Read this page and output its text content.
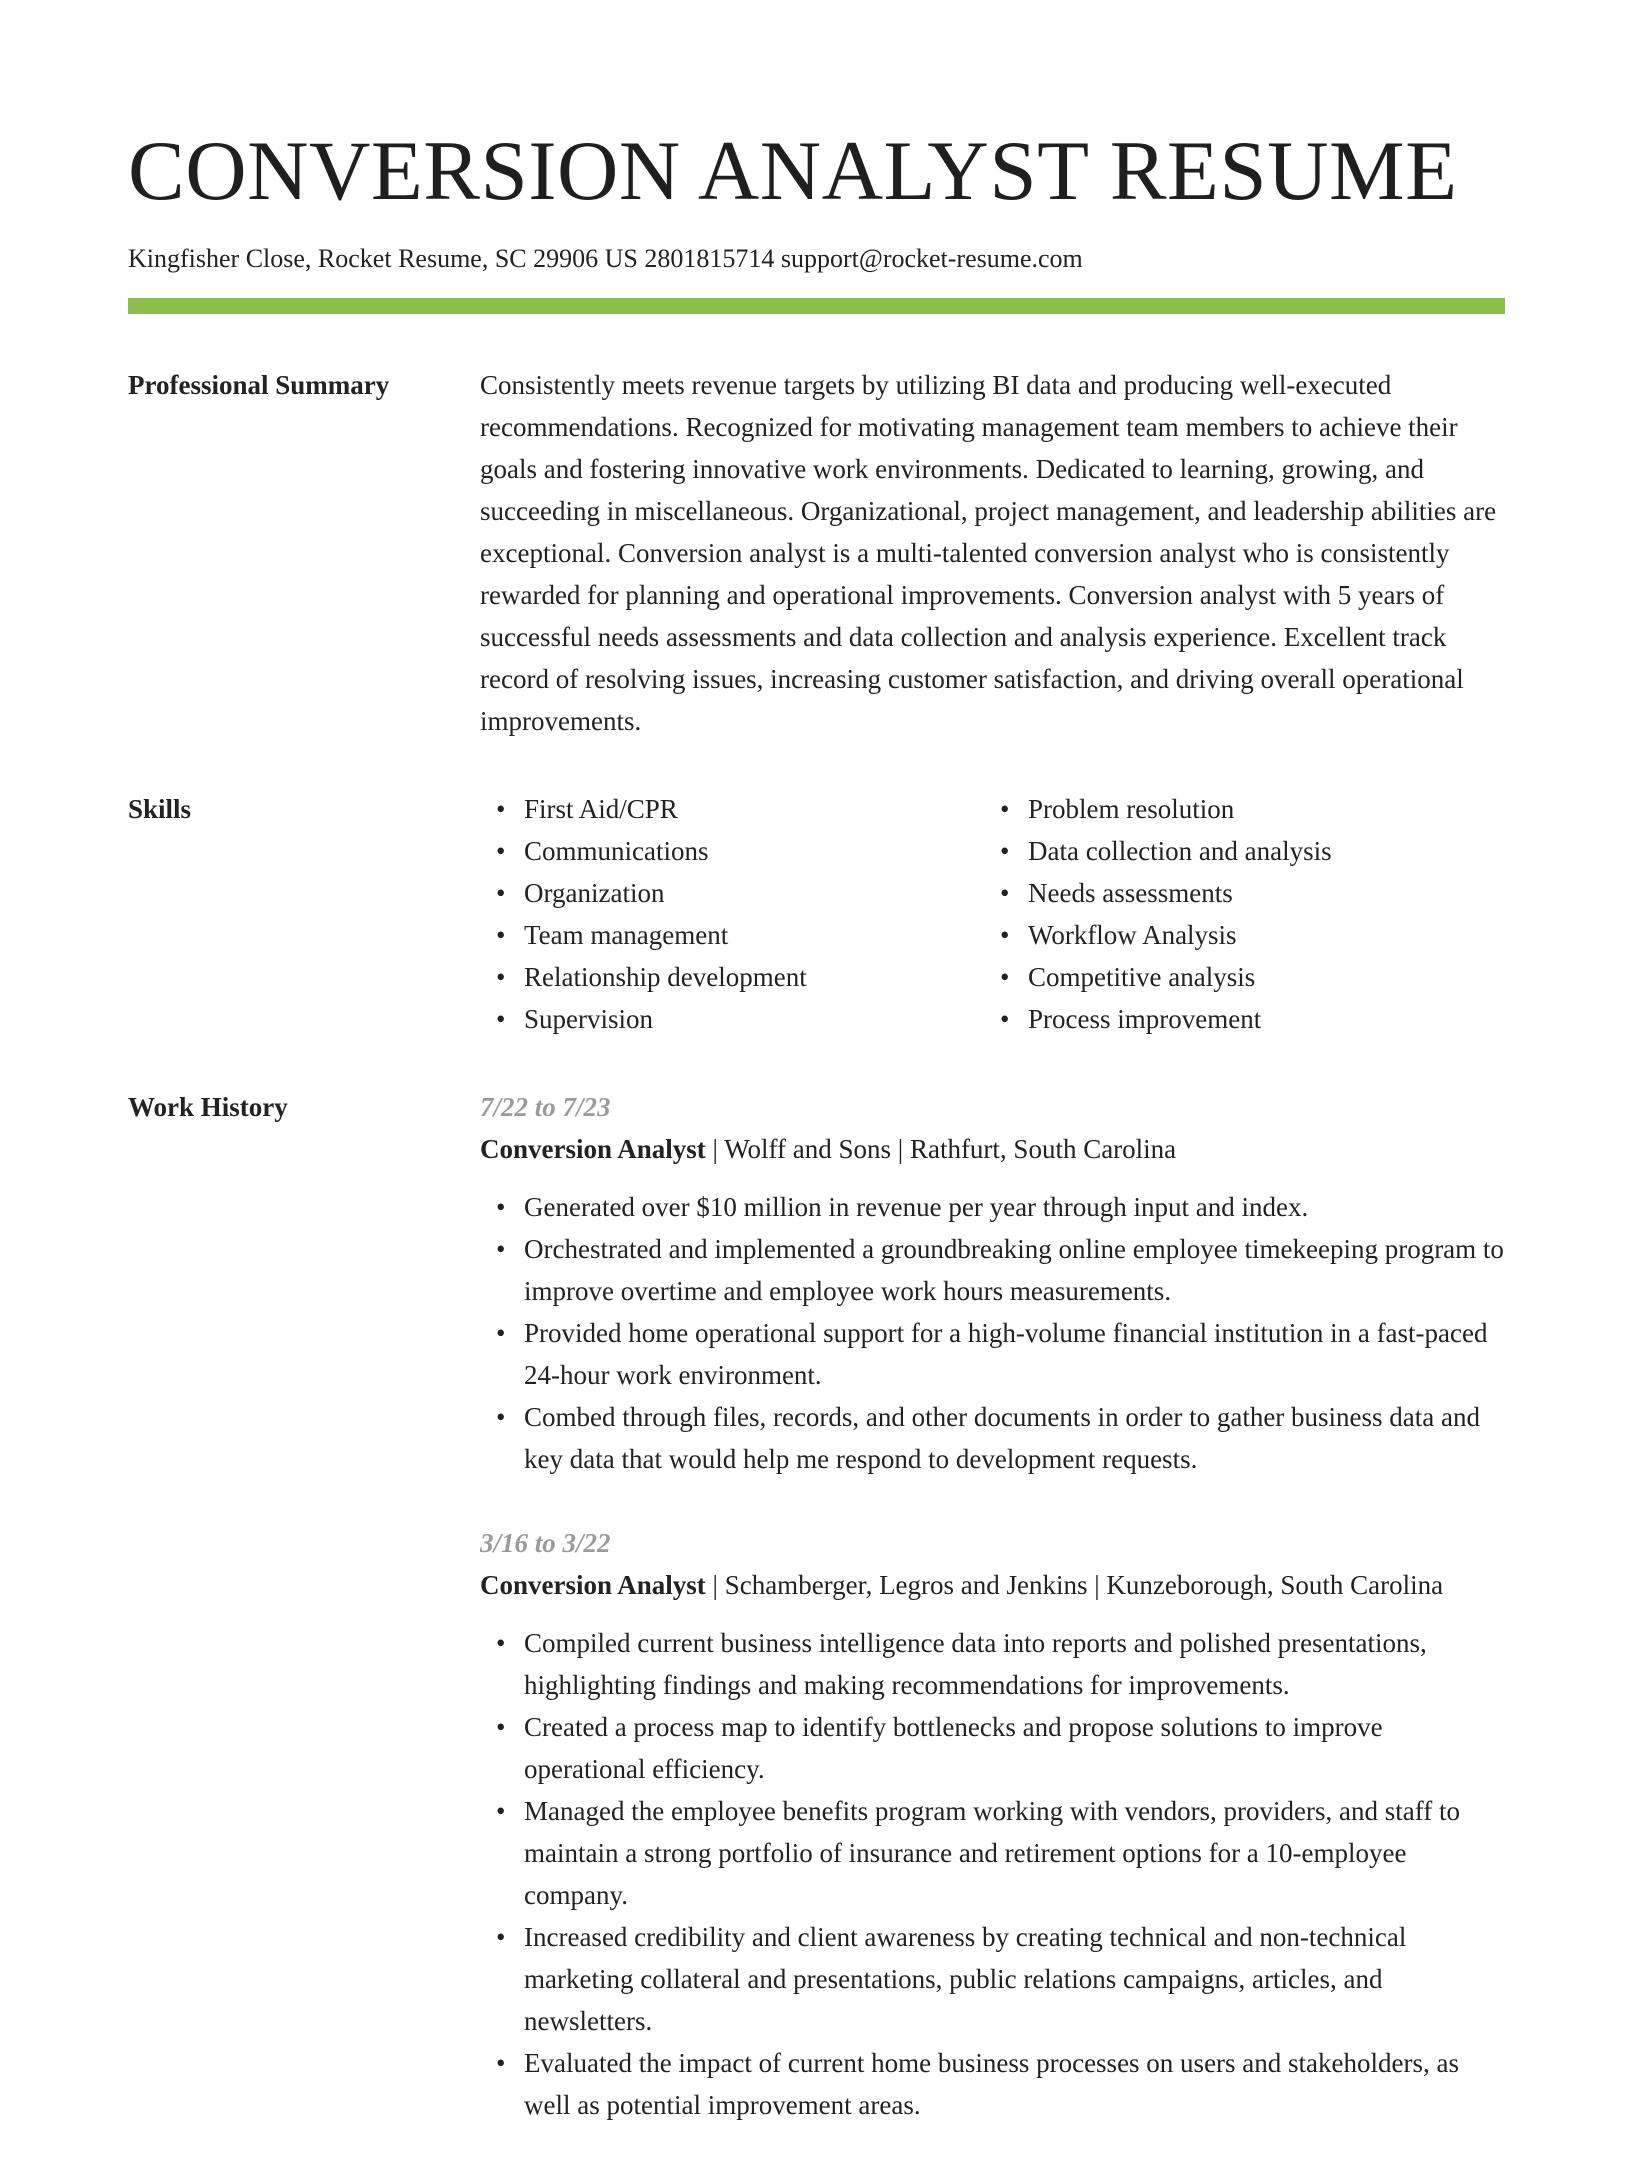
CONVERSION ANALYST RESUME
Kingfisher Close, Rocket Resume, SC 29906 US 2801815714 support@rocket-resume.com
Professional Summary	Consistently meets revenue targets by utilizing BI data and producing well-executed recommendations. Recognized for motivating management team members to achieve their goals and fostering innovative work environments. Dedicated to learning, growing, and succeeding in miscellaneous. Organizational, project management, and leadership abilities are exceptional. Conversion analyst is a multi-talented conversion analyst who is consistently rewarded for planning and operational improvements. Conversion analyst with 5 years of successful needs assessments and data collection and analysis experience. Excellent track record of resolving issues, increasing customer satisfaction, and driving overall operational improvements.

Skills	• First Aid/CPR
• Communications
• Organization
• Team management
• Relationship development
• Supervision
• Problem resolution
• Data collection and analysis
• Needs assessments
• Workflow Analysis
• Competitive analysis
• Process improvement
Work History	7/22 to 7/23
Conversion Analyst | Wolff and Sons | Rathfurt, South Carolina
• Generated over $10 million in revenue per year through input and index.
• Orchestrated and implemented a groundbreaking online employee timekeeping program to improve overtime and employee work hours measurements.
• Provided home operational support for a high-volume financial institution in a fast-paced 24-hour work environment.
• Combed through files, records, and other documents in order to gather business data and key data that would help me respond to development requests.
3/16 to 3/22
Conversion Analyst | Schamberger, Legros and Jenkins | Kunzeborough, South Carolina
• Compiled current business intelligence data into reports and polished presentations, highlighting findings and making recommendations for improvements.
• Created a process map to identify bottlenecks and propose solutions to improve operational efficiency.
• Managed the employee benefits program working with vendors, providers, and staff to maintain a strong portfolio of insurance and retirement options for a 10-employee company.
• Increased credibility and client awareness by creating technical and non-technical marketing collateral and presentations, public relations campaigns, articles, and newsletters.
• Evaluated the impact of current home business processes on users and stakeholders, as well as potential improvement areas.
